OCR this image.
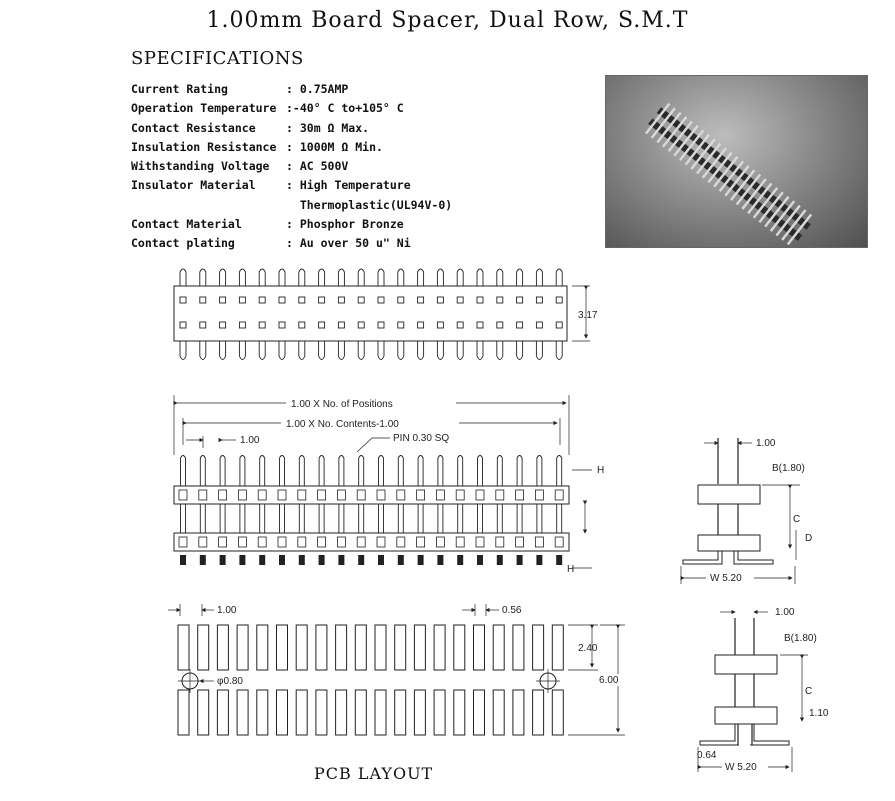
1.00mm Board Spacer, Dual Row, S.M.T
SPECIFICATIONS
Current Rating	: 0.75AMP
Operation Temperature :-40° C to+105° C
Contact Resistance	: 30m Ω Max.
Insulation Resistance : 1000M Ω Min.
Withstanding Voltage	: AC 500V
Insulator Material	: High Temperature
Thermoplastic(UL94V-0)
Contact Material	: Phosphor Bronze
Contact plating	: Au over 50 u" Ni
3.17
1.00 X No. of Positions
1.00 X No. Contents-1.00
1.00	PIN 0.30 SQ
H
H
1.00
B(1.80)
C
D
W 5.20
1.00
B(1.80)
C
1.10
0.64
W 5.20
1.00	0.56
φ0.80
2.40
6.00
PCB LAYOUT
